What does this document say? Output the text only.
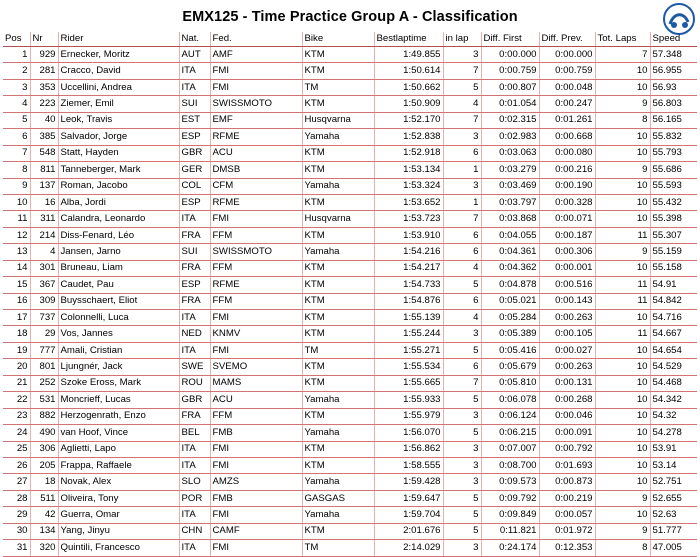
EMX125 - Time Practice Group A - Classification
Pos	Nr	Rider	Nat.	Fed.	Bike	Bestlaptime	in lap	Diff. First	Diff. Prev.	Tot. Laps	Speed
1	929	Ernecker, Moritz	AUT	AMF	KTM	1:49.855	3	0:00.000	0:00.000	7	57.348
2	281	Cracco, David	ITA	FMI	KTM	1:50.614	7	0:00.759	0:00.759	10	56.955
3	353	Uccellini, Andrea	ITA	FMI	TM	1:50.662	5	0:00.807	0:00.048	10	56.93
4	223	Ziemer, Emil	SUI	SWISSMOTO	KTM	1:50.909	4	0:01.054	0:00.247	9	56.803
5	40	Leok, Travis	EST	EMF	Husqvarna	1:52.170	7	0:02.315	0:01.261	8	56.165
6	385	Salvador, Jorge	ESP	RFME	Yamaha	1:52.838	3	0:02.983	0:00.668	10	55.832
7	548	Statt, Hayden	GBR	ACU	KTM	1:52.918	6	0:03.063	0:00.080	10	55.793
8	811	Tanneberger, Mark	GER	DMSB	KTM	1:53.134	1	0:03.279	0:00.216	9	55.686
9	137	Roman, Jacobo	COL	CFM	Yamaha	1:53.324	3	0:03.469	0:00.190	10	55.593
10	16	Alba, Jordi	ESP	RFME	KTM	1:53.652	1	0:03.797	0:00.328	10	55.432
11	311	Calandra, Leonardo	ITA	FMI	Husqvarna	1:53.723	7	0:03.868	0:00.071	10	55.398
12	214	Diss-Fenard, Léo	FRA	FFM	KTM	1:53.910	6	0:04.055	0:00.187	11	55.307
13	4	Jansen, Jarno	SUI	SWISSMOTO	Yamaha	1:54.216	6	0:04.361	0:00.306	9	55.159
14	301	Bruneau, Liam	FRA	FFM	KTM	1:54.217	4	0:04.362	0:00.001	10	55.158
15	367	Caudet, Pau	ESP	RFME	KTM	1:54.733	5	0:04.878	0:00.516	11	54.91
16	309	Buysschaert, Eliot	FRA	FFM	KTM	1:54.876	6	0:05.021	0:00.143	11	54.842
17	737	Colonnelli, Luca	ITA	FMI	KTM	1:55.139	4	0:05.284	0:00.263	10	54.716
18	29	Vos, Jannes	NED	KNMV	KTM	1:55.244	3	0:05.389	0:00.105	11	54.667
19	777	Amali, Cristian	ITA	FMI	TM	1:55.271	5	0:05.416	0:00.027	10	54.654
20	801	Ljungnér, Jack	SWE	SVEMO	KTM	1:55.534	6	0:05.679	0:00.263	10	54.529
21	252	Szoke Eross, Mark	ROU	MAMS	KTM	1:55.665	7	0:05.810	0:00.131	10	54.468
22	531	Moncrieff, Lucas	GBR	ACU	Yamaha	1:55.933	5	0:06.078	0:00.268	10	54.342
23	882	Herzogenrath, Enzo	FRA	FFM	KTM	1:55.979	3	0:06.124	0:00.046	10	54.32
24	490	van Hoof, Vince	BEL	FMB	Yamaha	1:56.070	5	0:06.215	0:00.091	10	54.278
25	306	Aglietti, Lapo	ITA	FMI	KTM	1:56.862	3	0:07.007	0:00.792	10	53.91
26	205	Frappa, Raffaele	ITA	FMI	KTM	1:58.555	3	0:08.700	0:01.693	10	53.14
27	18	Novak, Alex	SLO	AMZS	Yamaha	1:59.428	3	0:09.573	0:00.873	10	52.751
28	511	Oliveira, Tony	POR	FMB	GASGAS	1:59.647	5	0:09.792	0:00.219	9	52.655
29	42	Guerra, Omar	ITA	FMI	Yamaha	1:59.704	5	0:09.849	0:00.057	10	52.63
30	134	Yang, Jinyu	CHN	CAMF	KTM	2:01.676	5	0:11.821	0:01.972	9	51.777
31	320	Quintili, Francesco	ITA	FMI	TM	2:14.029	3	0:24.174	0:12.353	8	47.005
